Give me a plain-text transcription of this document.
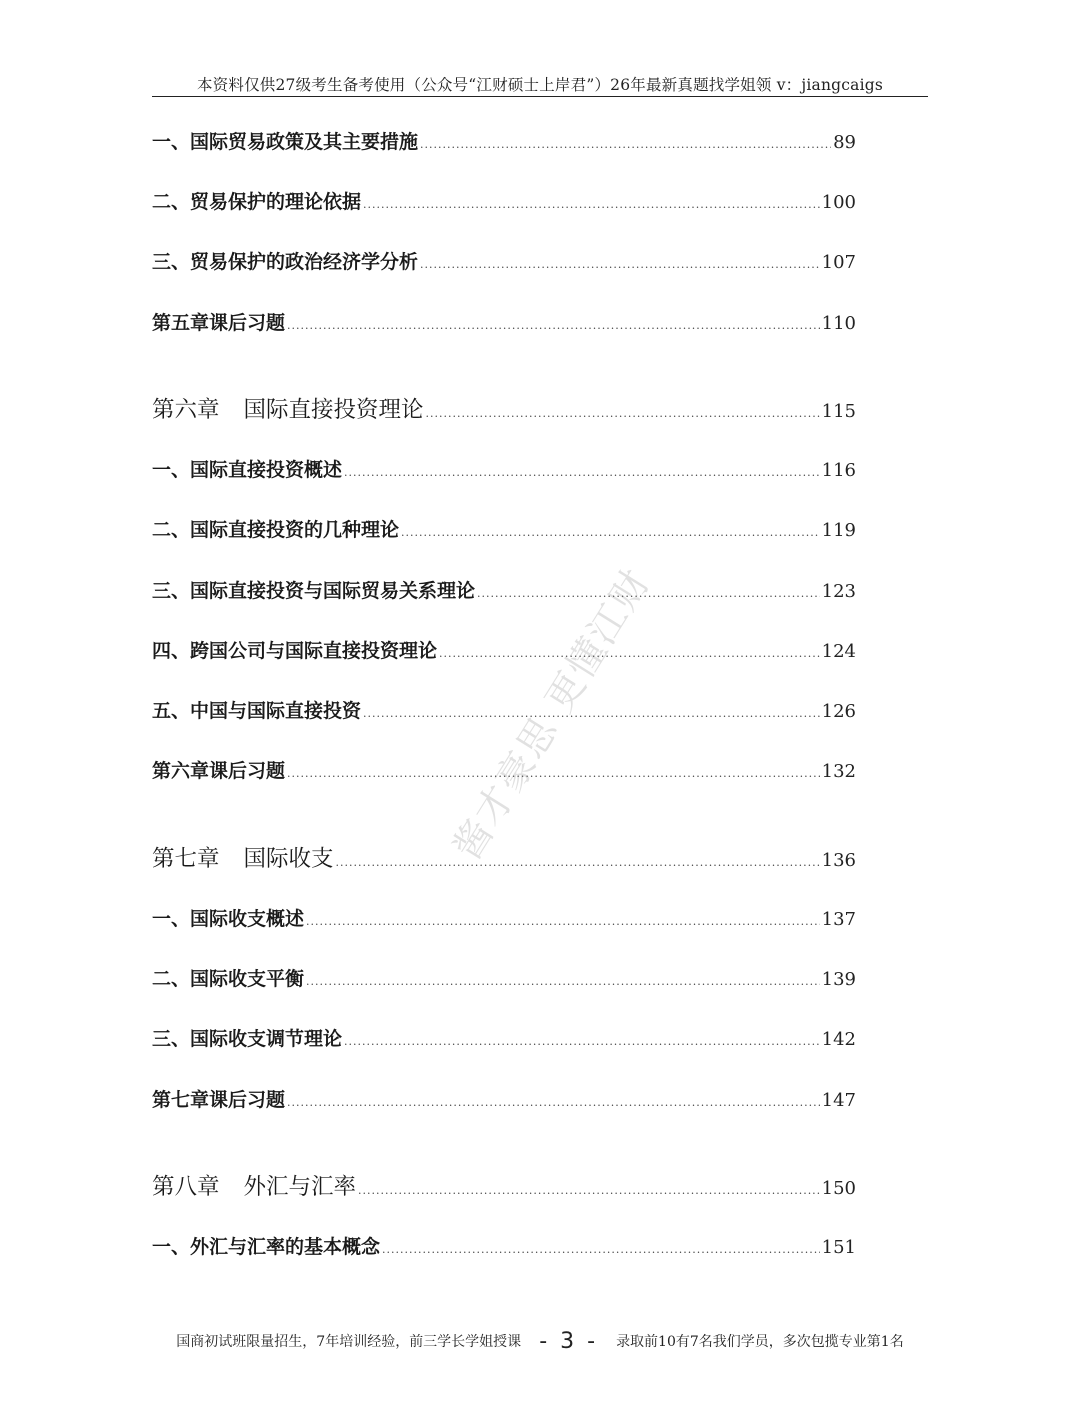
本资料仅供27级考生备考使用（公众号“江财硕士上岸君”）26年最新真题找学姐领 v：jiangcaigs
一、国际贸易政策及其主要措施 .....	89
二、贸易保护的理论依据 .....	100
三、贸易保护的政治经济学分析 .....	107
第五章课后习题 .....	110
第六章 国际直接投资理论 .....	115
一、国际直接投资概述 .....	116
二、国际直接投资的几种理论 .....	119
三、国际直接投资与国际贸易关系理论 .....	123
四、跨国公司与国际直接投资理论 .....	124
五、中国与国际直接投资 .....	126
第六章课后习题 .....	132
第七章 国际收支 .....	136
一、国际收支概述 .....	137
二、国际收支平衡 .....	139
三、国际收支调节理论 .....	142
第七章课后习题 .....	147
第八章 外汇与汇率 .....	150
一、外汇与汇率的基本概念 .....	151
酱才豪思 更懂江财
国商初试班限量招生，7年培训经验，前三学长学姐授课 - 3 - 录取前10有7名我们学员，多次包揽专业第1名
